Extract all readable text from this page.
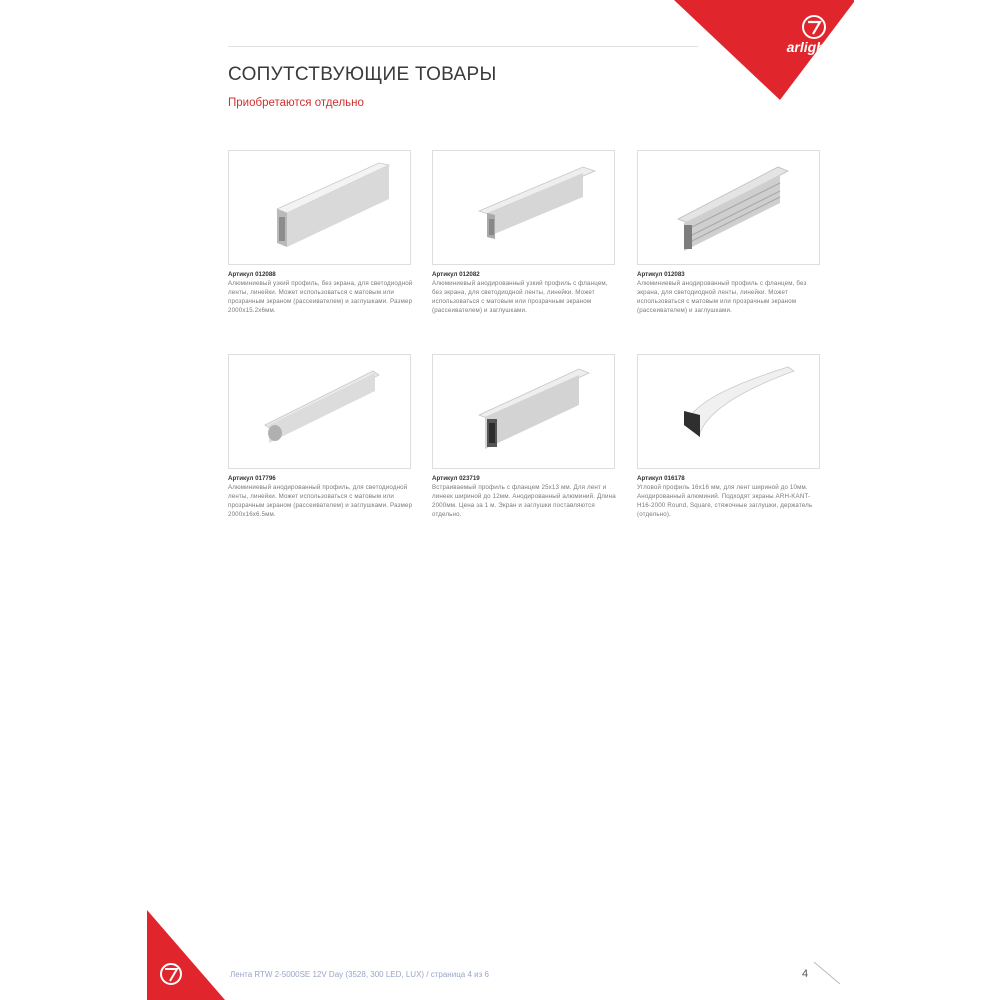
arlight
СОПУТСТВУЮЩИЕ ТОВАРЫ
Приобретаются отдельно
Артикул 012088
Алюминиевый узкий профиль, без экрана, для светодиодной ленты, линейки. Может использоваться с матовым или прозрачным экраном (рассеивателем) и заглушками. Размер 2000х15.2х6мм.
Артикул 012082
Алюминиевый анодированный узкий профиль с фланцем, без экрана, для светодиодной ленты, линейки. Может использоваться с матовым или прозрачным экраном (рассеивателем) и заглушками.
Артикул 012083
Алюминиевый анодированный профиль с фланцем, без экрана, для светодиодной ленты, линейки. Может использоваться с матовым или прозрачным экраном (рассеивателем) и заглушками.
Артикул 017796
Алюминиевый анодированный профиль, для светодиодной ленты, линейки. Может использоваться с матовым или прозрачным экраном (рассеивателем) и заглушками. Размер 2000х16х6.5мм.
Артикул 023719
Встраиваемый профиль с фланцем 25х13 мм. Для лент и линеек шириной до 12мм. Анодированный алюминий. Длина 2000мм. Цена за 1 м. Экран и заглушки поставляются отдельно.
Артикул 016178
Угловой профиль 16х16 мм, для лент шириной до 10мм. Анодированный алюминий. Подходят экраны ARH-KANT-H16-2000 Round, Square, стяжочные заглушки, держатель (отдельно).
Лента RTW 2-5000SE 12V Day (3528, 300 LED, LUX) / страница 4 из 6	4
